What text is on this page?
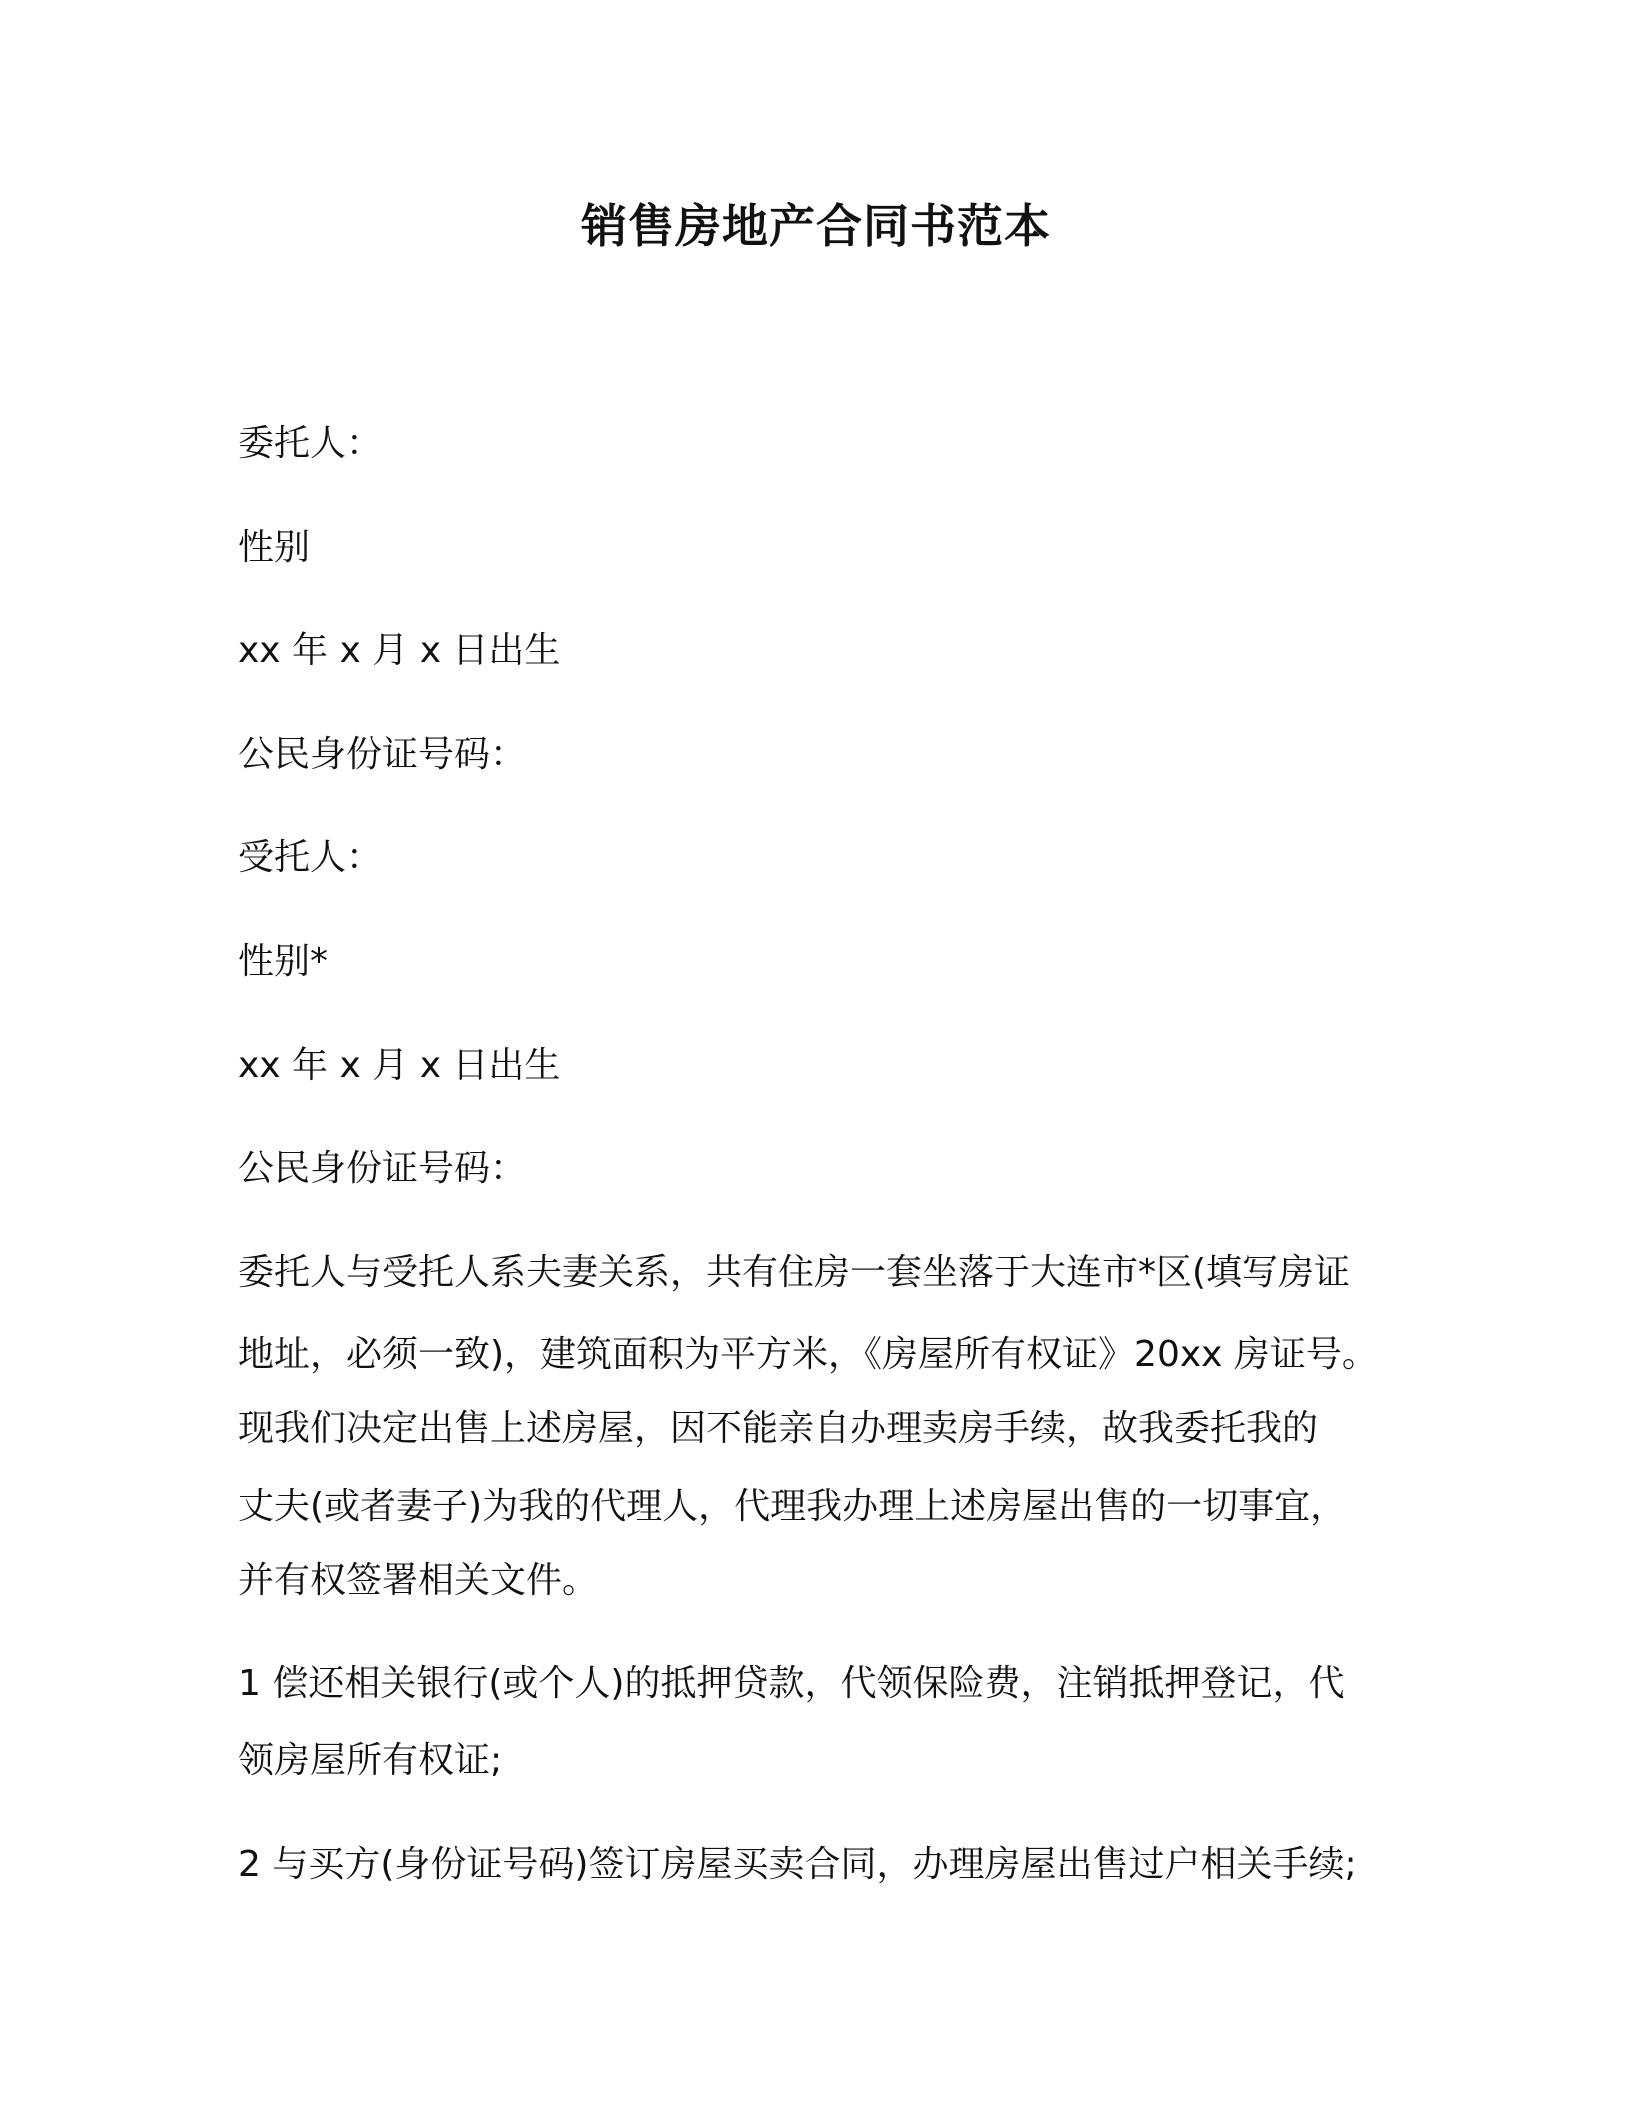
销售房地产合同书范本
委托人：
性别
xx 年 x 月 x 日出生
公民身份证号码：
受托人：
性别*
xx 年 x 月 x 日出生
公民身份证号码：
委托人与受托人系夫妻关系，共有住房一套坐落于大连市*区(填写房证
地址，必须一致)，建筑面积为平方米，《房屋所有权证》20xx 房证号。
现我们决定出售上述房屋，因不能亲自办理卖房手续，故我委托我的
丈夫(或者妻子)为我的代理人，代理我办理上述房屋出售的一切事宜，
并有权签署相关文件。
1 偿还相关银行(或个人)的抵押贷款，代领保险费，注销抵押登记，代
领房屋所有权证;
2 与买方(身份证号码)签订房屋买卖合同，办理房屋出售过户相关手续;
